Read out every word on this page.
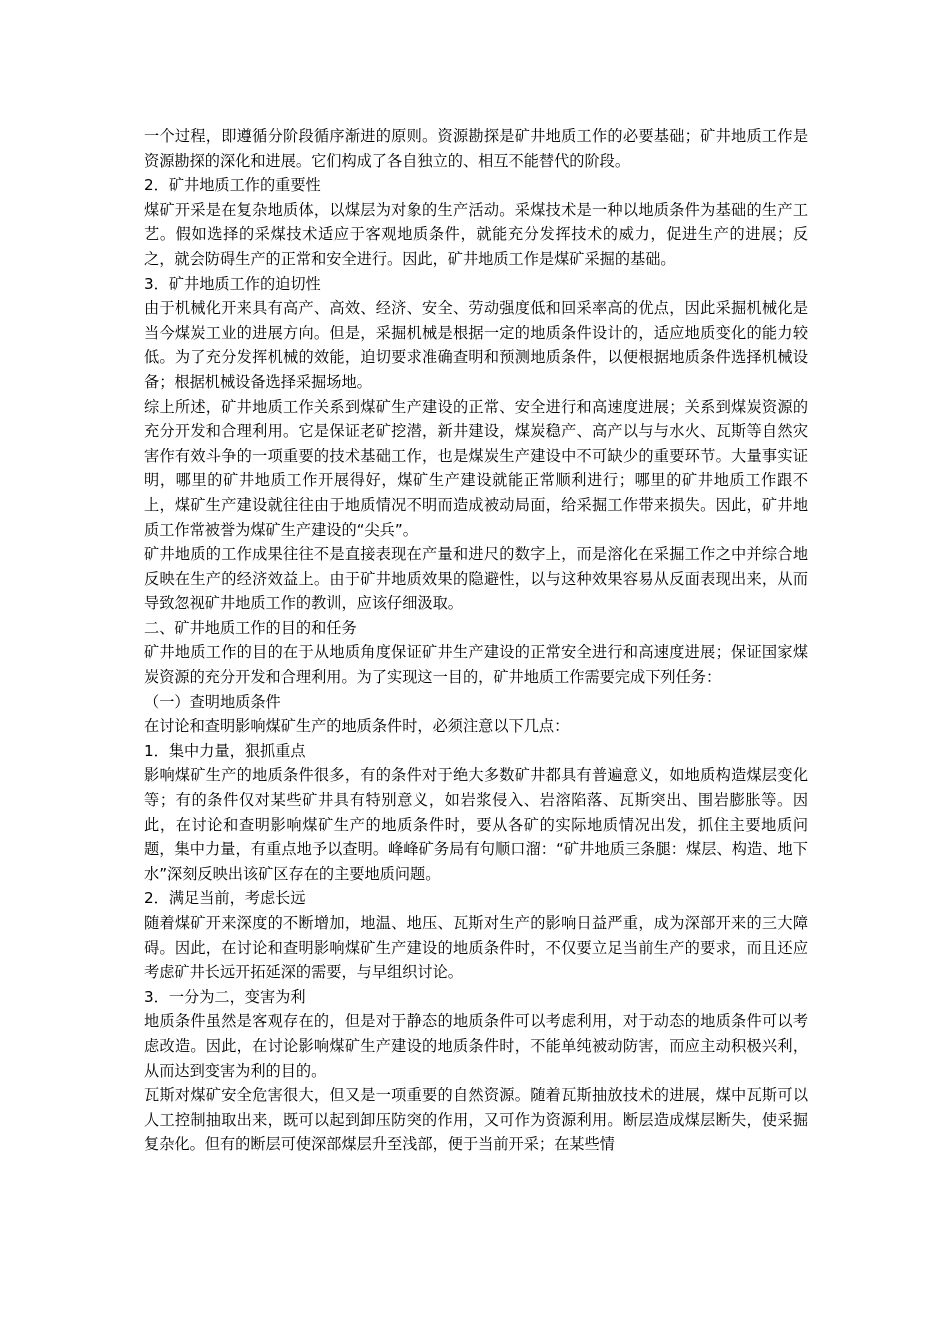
一个过程，即遵循分阶段循序渐进的原则。资源勘探是矿井地质工作的必要基础；矿井地质工作是资源勘探的深化和进展。它们构成了各自独立的、相互不能替代的阶段。

2．矿井地质工作的重要性

煤矿开采是在复杂地质体，以煤层为对象的生产活动。采煤技术是一种以地质条件为基础的生产工艺。假如选择的采煤技术适应于客观地质条件，就能充分发挥技术的威力，促进生产的进展；反之，就会防碍生产的正常和安全进行。因此，矿井地质工作是煤矿采掘的基础。

3．矿井地质工作的迫切性

由于机械化开来具有高产、高效、经济、安全、劳动强度低和回采率高的优点，因此采掘机械化是当今煤炭工业的进展方向。但是，采掘机械是根据一定的地质条件设计的，适应地质变化的能力较低。为了充分发挥机械的效能，迫切要求准确查明和预测地质条件，以便根据地质条件选择机械设备；根据机械设备选择采掘场地。

综上所述，矿井地质工作关系到煤矿生产建设的正常、安全进行和高速度进展；关系到煤炭资源的充分开发和合理利用。它是保证老矿挖潜，新井建设，煤炭稳产、高产以与与水火、瓦斯等自然灾害作有效斗争的一项重要的技术基础工作，也是煤炭生产建设中不可缺少的重要环节。大量事实证明，哪里的矿井地质工作开展得好，煤矿生产建设就能正常顺利进行；哪里的矿井地质工作跟不上，煤矿生产建设就往往由于地质情况不明而造成被动局面，给采掘工作带来损失。因此，矿井地质工作常被誉为煤矿生产建设的“尖兵”。

矿井地质的工作成果往往不是直接表现在产量和进尺的数字上，而是溶化在采掘工作之中并综合地反映在生产的经济效益上。由于矿井地质效果的隐避性，以与这种效果容易从反面表现出来，从而导致忽视矿井地质工作的教训，应该仔细汲取。

二、矿井地质工作的目的和任务

矿井地质工作的目的在于从地质角度保证矿井生产建设的正常安全进行和高速度进展；保证国家煤炭资源的充分开发和合理利用。为了实现这一目的，矿井地质工作需要完成下列任务：

（一）查明地质条件

在讨论和查明影响煤矿生产的地质条件时，必须注意以下几点：

1．集中力量，狠抓重点

影响煤矿生产的地质条件很多，有的条件对于绝大多数矿井都具有普遍意义，如地质构造煤层变化等；有的条件仅对某些矿井具有特别意义，如岩浆侵入、岩溶陷落、瓦斯突出、围岩膨胀等。因此，在讨论和查明影响煤矿生产的地质条件时，要从各矿的实际地质情况出发，抓住主要地质问题，集中力量，有重点地予以查明。峰峰矿务局有句顺口溜：“矿井地质三条腿：煤层、构造、地下水”深刻反映出该矿区存在的主要地质问题。

2．满足当前，考虑长远

随着煤矿开来深度的不断增加，地温、地压、瓦斯对生产的影响日益严重，成为深部开来的三大障碍。因此，在讨论和查明影响煤矿生产建设的地质条件时，不仅要立足当前生产的要求，而且还应考虑矿井长远开拓延深的需要，与早组织讨论。

3．一分为二，变害为利

地质条件虽然是客观存在的，但是对于静态的地质条件可以考虑利用，对于动态的地质条件可以考虑改造。因此，在讨论影响煤矿生产建设的地质条件时，不能单纯被动防害，而应主动积极兴利，从而达到变害为利的目的。

瓦斯对煤矿安全危害很大，但又是一项重要的自然资源。随着瓦斯抽放技术的进展，煤中瓦斯可以人工控制抽取出来，既可以起到卸压防突的作用，又可作为资源利用。断层造成煤层断失，使采掘复杂化。但有的断层可使深部煤层升至浅部，便于当前开采；在某些情
